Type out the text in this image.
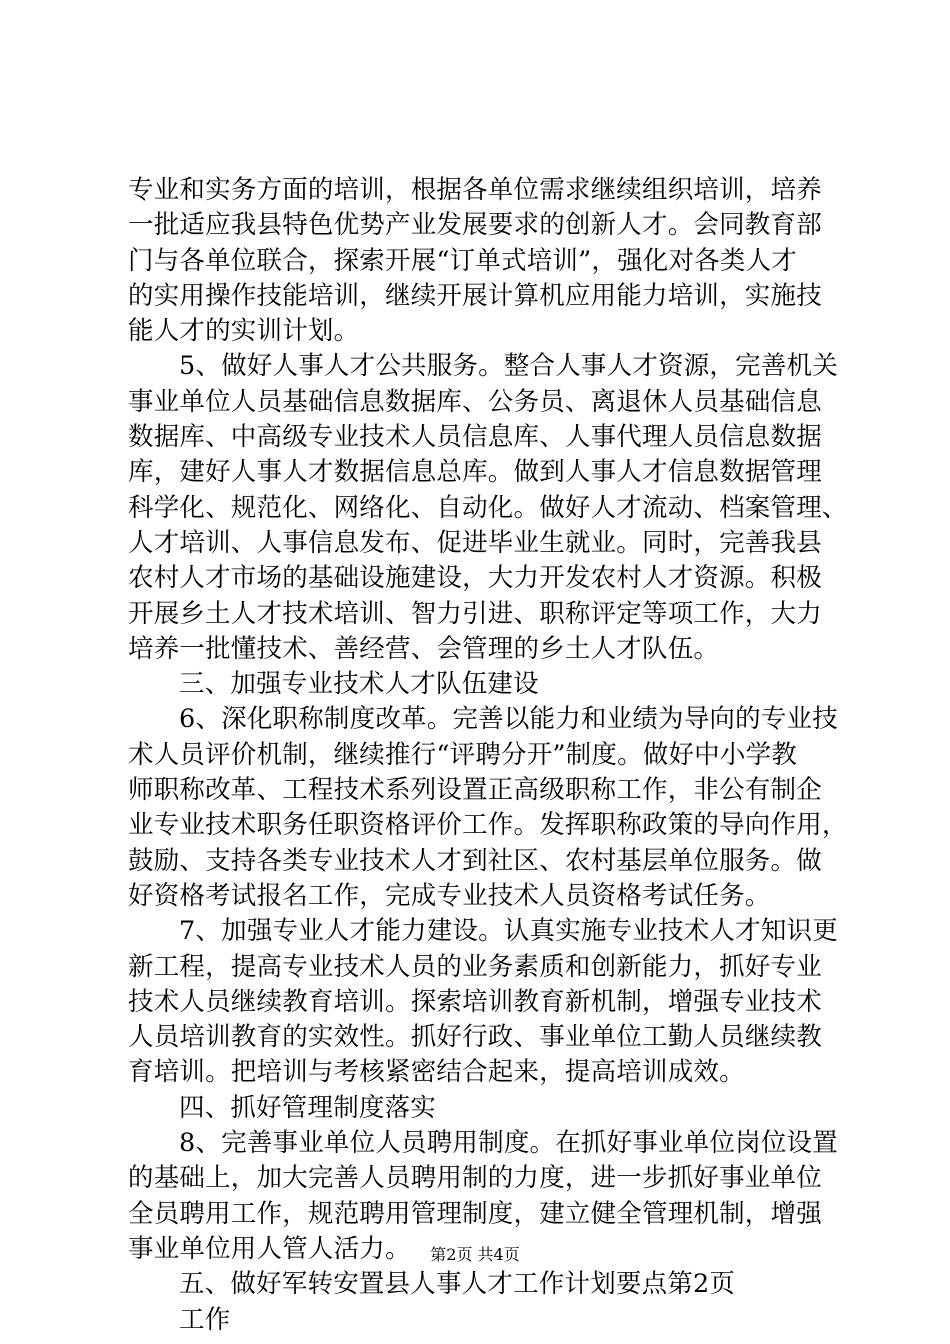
专业和实务方面的培训，根据各单位需求继续组织培训，培养
一批适应我县特色优势产业发展要求的创新人才。会同教育部
门与各单位联合，探索开展“订单式培训”，强化对各类人才
的实用操作技能培训，继续开展计算机应用能力培训，实施技
能人才的实训计划。
5、做好人事人才公共服务。整合人事人才资源，完善机关
事业单位人员基础信息数据库、公务员、离退休人员基础信息
数据库、中高级专业技术人员信息库、人事代理人员信息数据
库，建好人事人才数据信息总库。做到人事人才信息数据管理
科学化、规范化、网络化、自动化。做好人才流动、档案管理、
人才培训、人事信息发布、促进毕业生就业。同时，完善我县
农村人才市场的基础设施建设，大力开发农村人才资源。积极
开展乡土人才技术培训、智力引进、职称评定等项工作，大力
培养一批懂技术、善经营、会管理的乡土人才队伍。
三、加强专业技术人才队伍建设
6、深化职称制度改革。完善以能力和业绩为导向的专业技
术人员评价机制，继续推行“评聘分开”制度。做好中小学教
师职称改革、工程技术系列设置正高级职称工作，非公有制企
业专业技术职务任职资格评价工作。发挥职称政策的导向作用，
鼓励、支持各类专业技术人才到社区、农村基层单位服务。做
好资格考试报名工作，完成专业技术人员资格考试任务。
7、加强专业人才能力建设。认真实施专业技术人才知识更
新工程，提高专业技术人员的业务素质和创新能力，抓好专业
技术人员继续教育培训。探索培训教育新机制，增强专业技术
人员培训教育的实效性。抓好行政、事业单位工勤人员继续教
育培训。把培训与考核紧密结合起来，提高培训成效。
四、抓好管理制度落实
8、完善事业单位人员聘用制度。在抓好事业单位岗位设置
的基础上，加大完善人员聘用制的力度，进一步抓好事业单位
全员聘用工作，规范聘用管理制度，建立健全管理机制，增强
事业单位用人管人活力。
五、做好军转安置县人事人才工作计划要点第2页
工作
第2页 共4页
